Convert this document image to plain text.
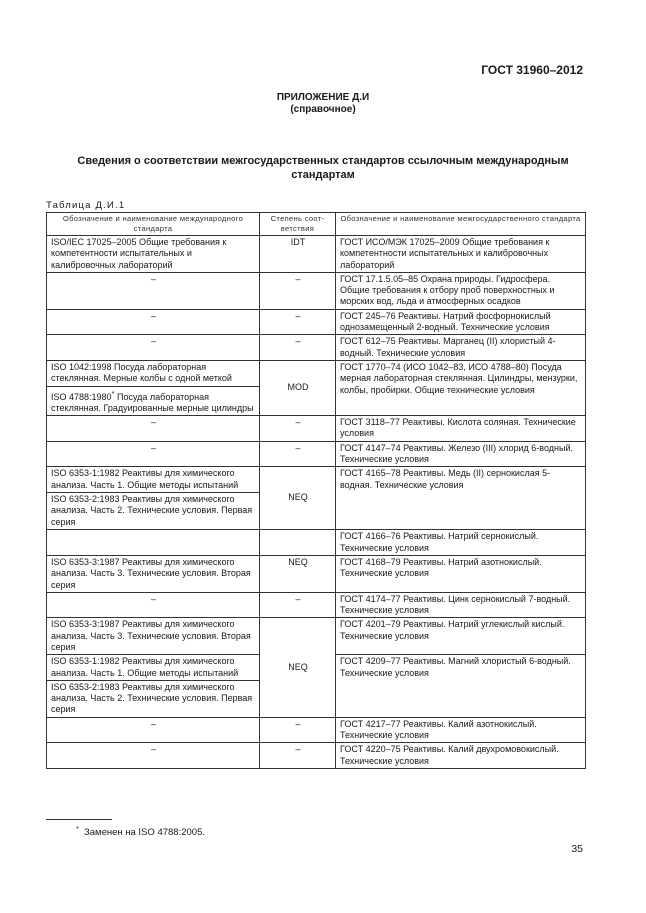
ГОСТ 31960–2012
ПРИЛОЖЕНИЕ Д.И
(справочное)
Сведения о соответствии межгосударственных стандартов ссылочным международным стандартам
Таблица Д.И.1
Обозначение и наименование международного стандарта	Степень соот-ветствия	Обозначение и наименование межгосударственного стандарта
ISO/IEC 17025–2005 Общие требования к компетентности испытательных и калибровочных лабораторий	IDT	ГОСТ ИСО/МЭК 17025–2009 Общие требования к компетентности испытательных и калибровочных лабораторий
–	–	ГОСТ 17.1.5.05–85 Охрана природы. Гидросфера. Общие требования к отбору проб поверхностных и морских вод, льда и атмосферных осадков
–	–	ГОСТ 245–76 Реактивы. Натрий фосфорнокислый однозамещенный 2-водный. Технические условия
–	–	ГОСТ 612–75 Реактивы. Марганец (II) хлористый 4-водный. Технические условия
ISO 1042:1998 Посуда лабораторная стеклянная. Мерные колбы с одной меткой	MOD	ГОСТ 1770–74 (ИСО 1042–83, ИСО 4788–80) Посуда мерная лабораторная стеклянная. Цилиндры, мензурки, колбы, пробирки. Общие технические условия
ISO 4788:1980* Посуда лабораторная стеклянная. Градуированные мерные цилиндры		
–	–	ГОСТ 3118–77 Реактивы. Кислота соляная. Технические условия
–	–	ГОСТ 4147–74 Реактивы. Железо (III) хлорид 6-водный. Технические условия
ISO 6353-1:1982 Реактивы для химического анализа. Часть 1. Общие методы испытаний	NEQ	ГОСТ 4165–78 Реактивы. Медь (II) сернокислая 5-водная. Технические условия
ISO 6353-2:1983 Реактивы для химического анализа. Часть 2. Технические условия. Первая серия		

		ГОСТ 4166–76 Реактивы. Натрий сернокислый. Технические условия
ISO 6353-3:1987 Реактивы для химического анализа. Часть 3. Технические условия. Вторая серия	NEQ	ГОСТ 4168–79 Реактивы. Натрий азотнокислый. Технические условия
–	–	ГОСТ 4174–77 Реактивы. Цинк сернокислый 7-водный. Технические условия
ISO 6353-3:1987 Реактивы для химического анализа. Часть 3. Технические условия. Вторая серия	NEQ	ГОСТ 4201–79 Реактивы. Натрий углекислый кислый. Технические условия
ISO 6353-1:1982 Реактивы для химического анализа. Часть 1. Общие методы испытаний		ГОСТ 4209–77 Реактивы. Магний хлористый 6-водный. Технические условия
ISO 6353-2:1983 Реактивы для химического анализа. Часть 2. Технические условия. Первая серия		
–	–	ГОСТ 4217–77 Реактивы. Калий азотнокислый. Технические условия
–	–	ГОСТ 4220–75 Реактивы. Калий двухромовокислый. Технические условия
* Заменен на ISO 4788:2005.
35
